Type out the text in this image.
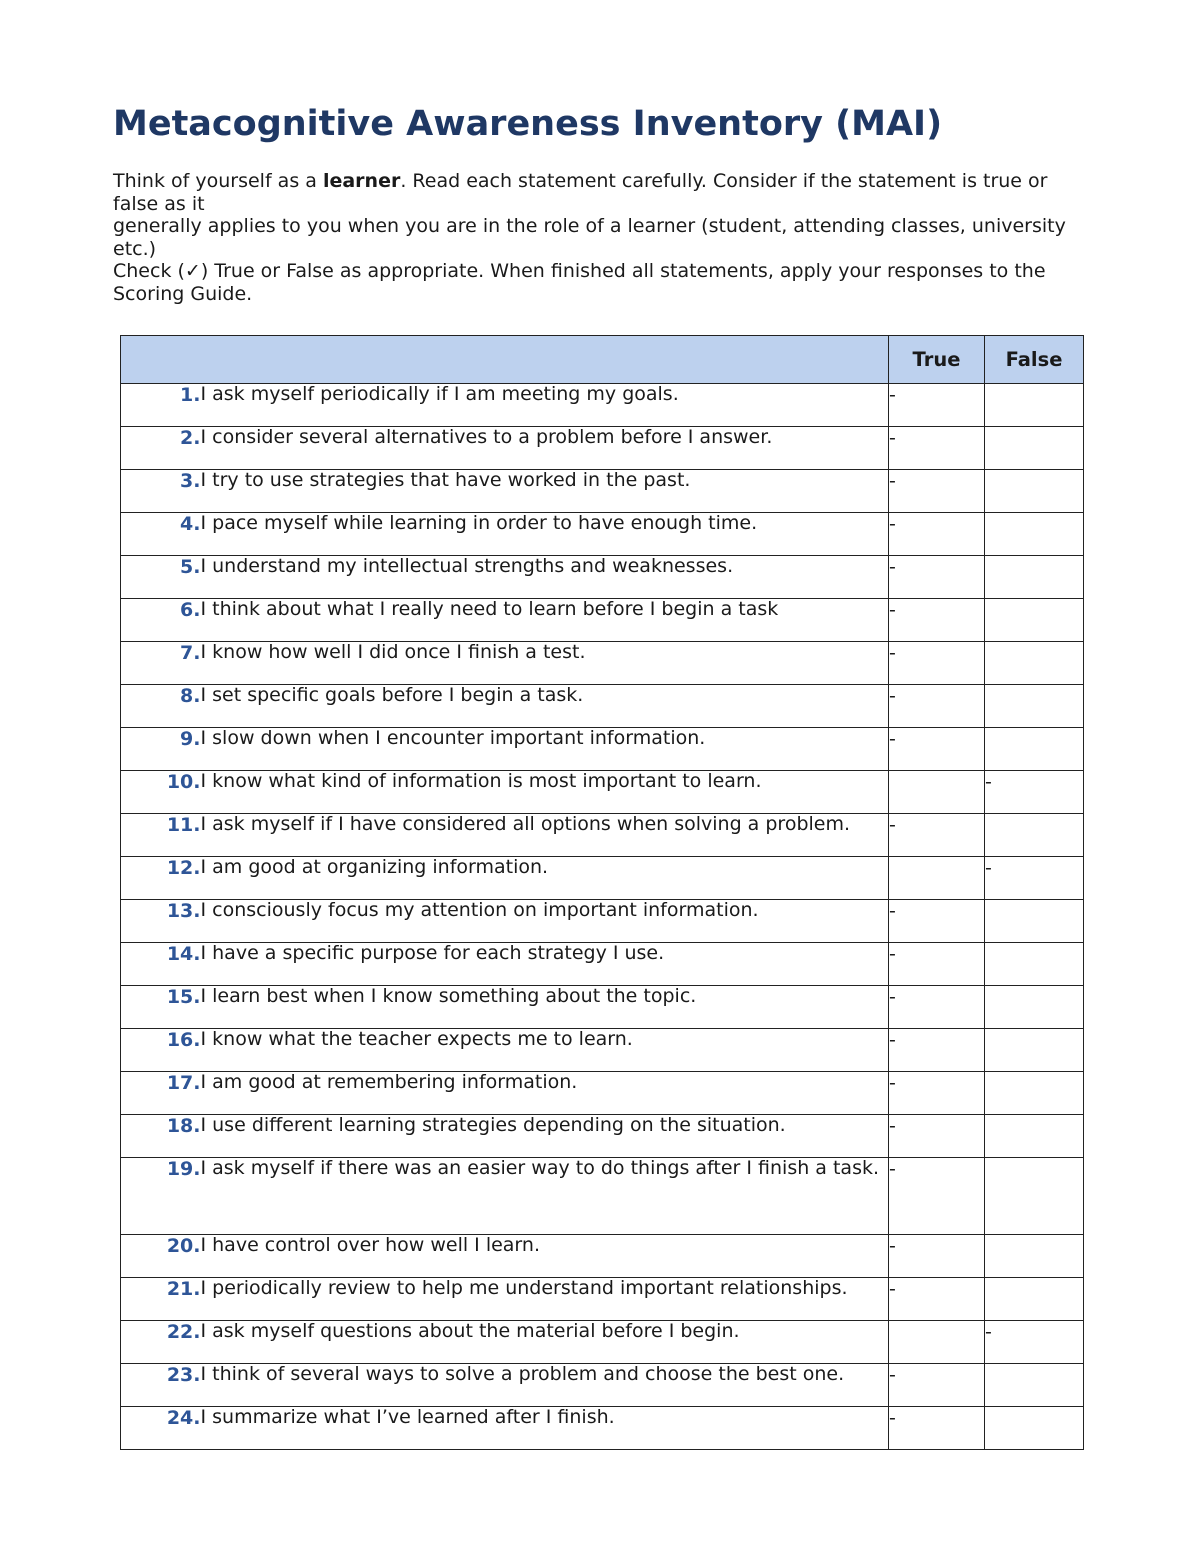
Metacognitive Awareness Inventory (MAI)
Think of yourself as a learner. Read each statement carefully. Consider if the statement is true or
false as it
generally applies to you when you are in the role of a learner (student, attending classes, university
etc.)
Check (✓) True or False as appropriate. When finished all statements, apply your responses to the
Scoring Guide.
		True	False
1.	I ask myself periodically if I am meeting my goals.	-	
2.	I consider several alternatives to a problem before I answer.	-	
3.	I try to use strategies that have worked in the past.	-	
4.	I pace myself while learning in order to have enough time.	-	
5.	I understand my intellectual strengths and weaknesses.	-	
6.	I think about what I really need to learn before I begin a task	-	
7.	I know how well I did once I finish a test.	-	
8.	I set specific goals before I begin a task.	-	
9.	I slow down when I encounter important information.	-	
10.	I know what kind of information is most important to learn.		-
11.	I ask myself if I have considered all options when solving a problem.	-	
12.	I am good at organizing information.		-
13.	I consciously focus my attention on important information.	-	
14.	I have a specific purpose for each strategy I use.	-	
15.	I learn best when I know something about the topic.	-	
16.	I know what the teacher expects me to learn.	-	
17.	I am good at remembering information.	-	
18.	I use different learning strategies depending on the situation.	-	
19.	I ask myself if there was an easier way to do things after I finish a task.	-	
20.	I have control over how well I learn.	-	
21.	I periodically review to help me understand important relationships.	-	
22.	I ask myself questions about the material before I begin.		-
23.	I think of several ways to solve a problem and choose the best one.	-	
24.	I summarize what I’ve learned after I finish.	-	
